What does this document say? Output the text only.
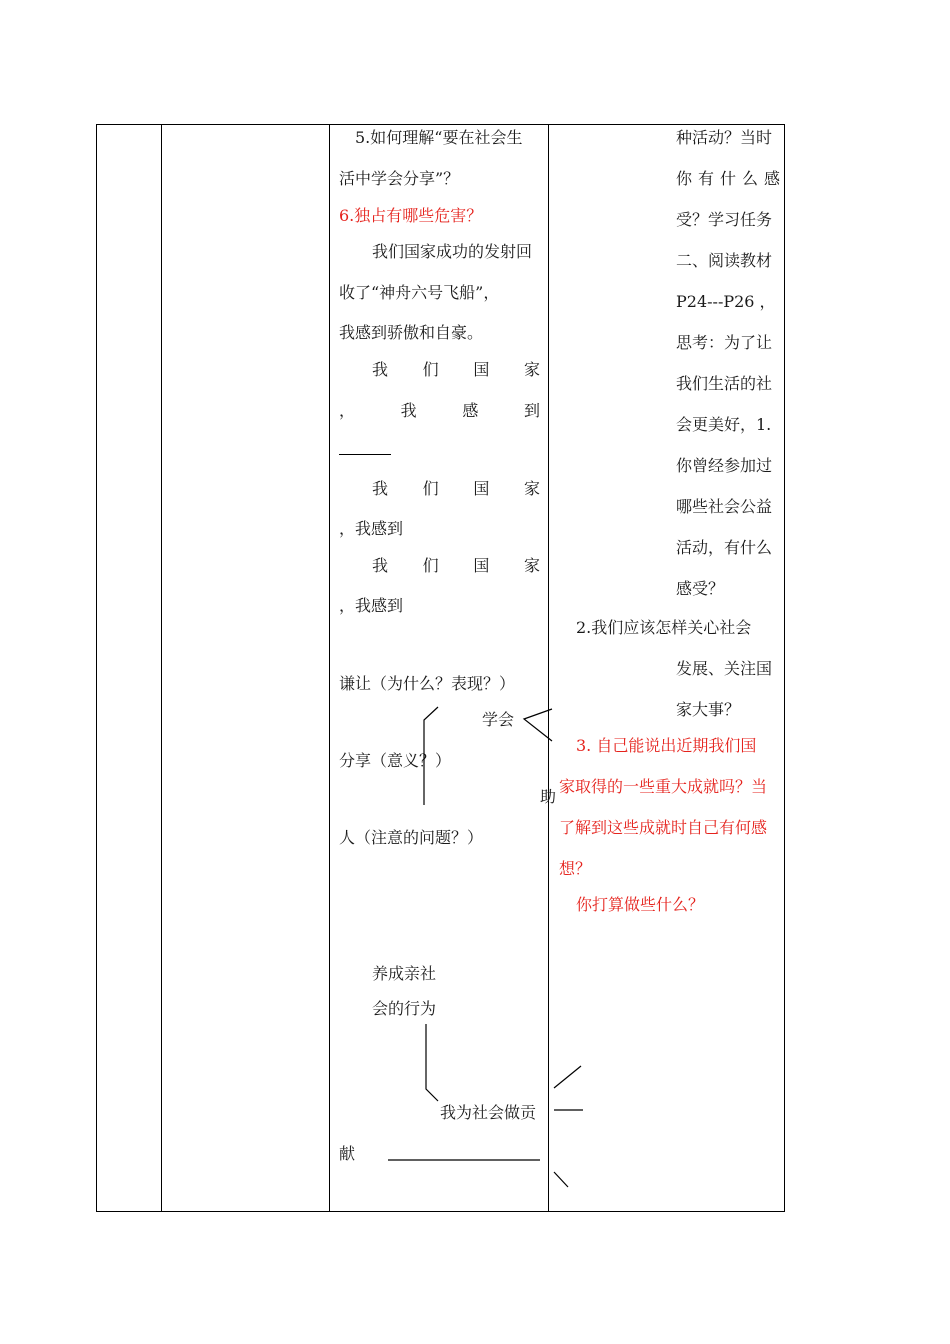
5.如何理解“要在社会生
活中学会分享”？
6.独占有哪些危害？
我们国家成功的发射回
收了“神舟六号飞船”，
我感到骄傲和自豪。
我 们 国 家
，	我	感	到
我 们 国 家
，我感到
我 们 国 家
，我感到
谦让（为什么？表现？）
学会
分享（意义？）
助
人（注意的问题？）
养成亲社
会的行为
我为社会做贡
献
种活动？当时
你有什么感
受？学习任务
二、阅读教材
P24---P26 ，
思考：为了让
我们生活的社
会更美好，1.
你曾经参加过
哪些社会公益
活动，有什么
感受？
2.我们应该怎样关心社会
发展、关注国
家大事？
3. 自己能说出近期我们国
家取得的一些重大成就吗？当
了解到这些成就时自己有何感
想？
你打算做些什么？
